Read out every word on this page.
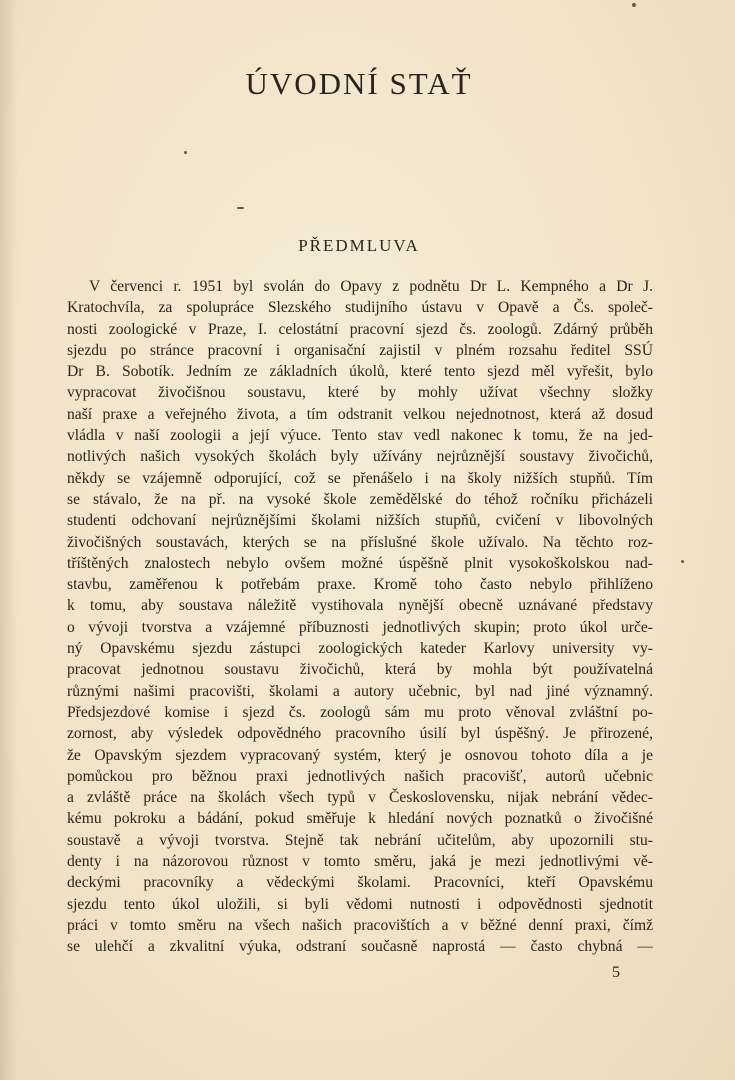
ÚVODNÍ STAŤ
PŘEDMLUVA
V červenci r. 1951 byl svolán do Opavy z podnětu Dr L. Kempného a Dr J.
Kratochvíla, za spolupráce Slezského studijního ústavu v Opavě a Čs. společ-
nosti zoologické v Praze, I. celostátní pracovní sjezd čs. zoologů. Zdárný průběh
sjezdu po stránce pracovní i organisační zajistil v plném rozsahu ředitel SSÚ
Dr B. Sobotík. Jedním ze základních úkolů, které tento sjezd měl vyřešit, bylo
vypracovat živočišnou soustavu, které by mohly užívat všechny složky
naší praxe a veřejného života, a tím odstranit velkou nejednotnost, která až dosud
vládla v naší zoologii a její výuce. Tento stav vedl nakonec k tomu, že na jed-
notlivých našich vysokých školách byly užívány nejrůznější soustavy živočichů,
někdy se vzájemně odporující, což se přenášelo i na školy nižších stupňů. Tím
se stávalo, že na př. na vysoké škole zemědělské do téhož ročníku přicházeli
studenti odchovaní nejrůznějšími školami nižších stupňů, cvičení v libovolných
živočišných soustavách, kterých se na příslušné škole užívalo. Na těchto roz-
tříštěných znalostech nebylo ovšem možné úspěšně plnit vysokoškolskou nad-
stavbu, zaměřenou k potřebám praxe. Kromě toho často nebylo přihlíženo
k tomu, aby soustava náležitě vystihovala nynější obecně uznávané představy
o vývoji tvorstva a vzájemné příbuznosti jednotlivých skupin; proto úkol urče-
ný Opavskému sjezdu zástupci zoologických kateder Karlovy university vy-
pracovat jednotnou soustavu živočichů, která by mohla být používatelná
různými našimi pracovišti, školami a autory učebnic, byl nad jiné významný.
Předsjezdové komise i sjezd čs. zoologů sám mu proto věnoval zvláštní po-
zornost, aby výsledek odpovědného pracovního úsilí byl úspěšný. Je přirozené,
že Opavským sjezdem vypracovaný systém, který je osnovou tohoto díla a je
pomůckou pro běžnou praxi jednotlivých našich pracovišť, autorů učebnic
a zvláště práce na školách všech typů v Československu, nijak nebrání vědec-
kému pokroku a bádání, pokud směřuje k hledání nových poznatků o živočišné
soustavě a vývoji tvorstva. Stejně tak nebrání učitelům, aby upozornili stu-
denty i na názorovou různost v tomto směru, jaká je mezi jednotlivými vě-
deckými pracovníky a vědeckými školami. Pracovníci, kteří Opavskému
sjezdu tento úkol uložili, si byli vědomi nutnosti i odpovědnosti sjednotit
práci v tomto směru na všech našich pracovištích a v běžné denní praxi, čímž
se ulehčí a zkvalitní výuka, odstraní současně naprostá — často chybná —
5
